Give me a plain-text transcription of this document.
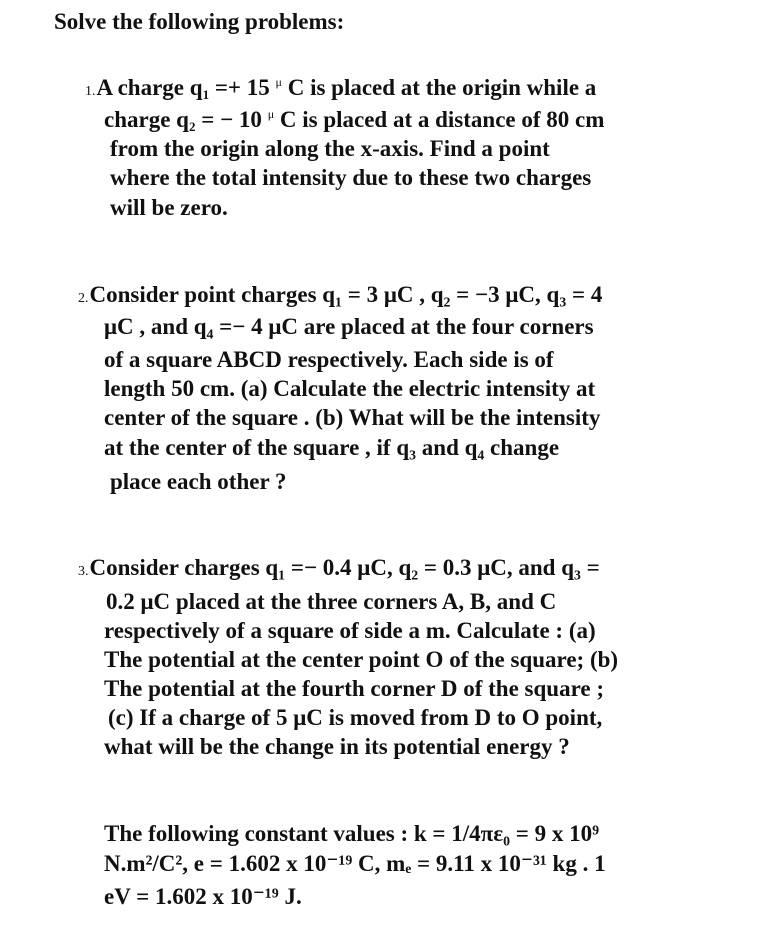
Solve the following problems:
1.A charge $q_1 =+ 15$ $^\mu$ C is placed at the origin while a
charge $q_2$ = − 10 $^\mu$ C is placed at a distance of 80 cm
from the origin along the x-axis. Find a point
where the total intensity due to these two charges
will be zero.
2.Consider point charges q₁ = 3 μC , q₂ = −3 μC, q₃ = 4
μC , and q₄ =− 4 μC are placed at the four corners
of a square ABCD respectively. Each side is of
length 50 cm. (a) Calculate the electric intensity at
center of the square . (b) What will be the intensity
at the center of the square , if q₃ and q₄ change
place each other ?
3.Consider charges q₁ =− 0.4 μC, q₂ = 0.3 μC, and q₃ =
0.2 μC placed at the three corners A, B, and C
respectively of a square of side a m. Calculate : (a)
The potential at the center point O of the square; (b)
The potential at the fourth corner D of the square ;
(c) If a charge of 5 μC is moved from D to O point,
what will be the change in its potential energy ?
The following constant values : k = 1/4πε₀ = 9 x 10⁹
N.m²/C², e = 1.602 x 10⁻¹⁹ C, mₑ = 9.11 x 10⁻³¹ kg . 1
eV = 1.602 x 10⁻¹⁹ J.
